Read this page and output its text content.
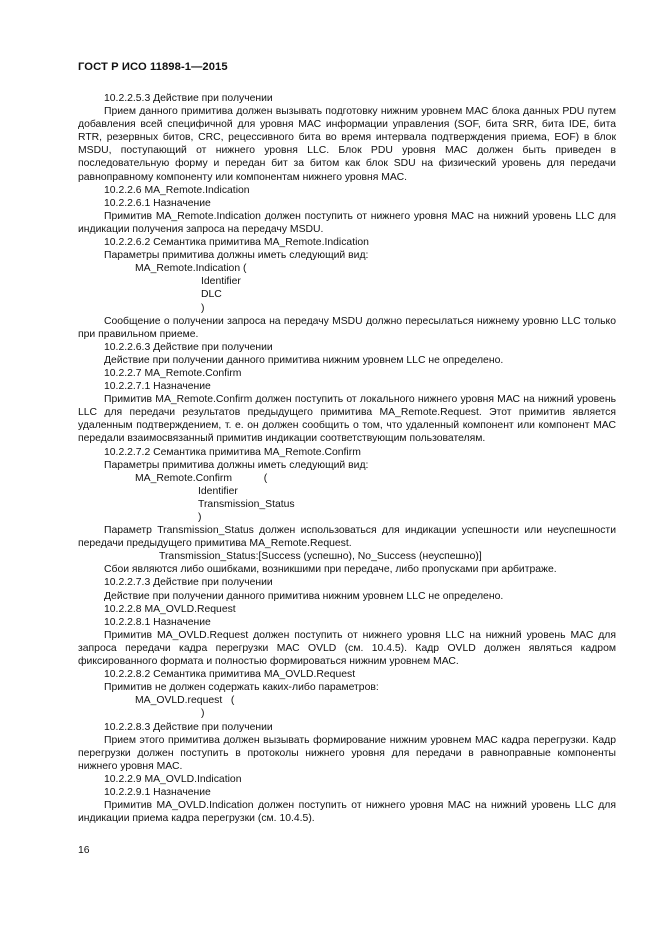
ГОСТ Р ИСО 11898-1—2015
10.2.2.5.3 Действие при получении
Прием данного примитива должен вызывать подготовку нижним уровнем МАС блока данных PDU путем добавления всей специфичной для уровня МАС информации управления (SOF, бита SRR, бита IDE, бита RTR, резервных битов, CRC, рецессивного бита во время интервала подтверждения приема, EOF) в блок MSDU, поступающий от нижнего уровня LLC. Блок PDU уровня МАС должен быть приведен в последовательную форму и передан бит за битом как блок SDU на физический уровень для передачи равноправному компоненту или компонентам нижнего уровня МАС.
10.2.2.6 MA_Remote.Indication
10.2.2.6.1 Назначение
Примитив MA_Remote.Indication должен поступить от нижнего уровня МАС на нижний уровень LLC для индикации получения запроса на передачу MSDU.
10.2.2.6.2 Семантика примитива MA_Remote.Indication
Параметры примитива должны иметь следующий вид:
MA_Remote.Indication (
Identifier
DLC
)
Сообщение о получении запроса на передачу MSDU должно пересылаться нижнему уровню LLC только при правильном приеме.
10.2.2.6.3 Действие при получении
Действие при получении данного примитива нижним уровнем LLC не определено.
10.2.2.7 MA_Remote.Confirm
10.2.2.7.1 Назначение
Примитив MA_Remote.Confirm должен поступить от локального нижнего уровня МАС на нижний уровень LLC для передачи результатов предыдущего примитива MA_Remote.Request. Этот примитив является удаленным подтверждением, т. е. он должен сообщить о том, что удаленный компонент или компонент МАС передали взаимосвязанный примитив индикации соответствующим пользователям.
10.2.2.7.2 Семантика примитива MA_Remote.Confirm
Параметры примитива должны иметь следующий вид:
MA_Remote.Confirm           (
Identifier
Transmission_Status
)
Параметр Transmission_Status должен использоваться для индикации успешности или неуспешности передачи предыдущего примитива MA_Remote.Request.
Transmission_Status:[Success (успешно), No_Success (неуспешно)]
Сбои являются либо ошибками, возникшими при передаче, либо пропусками при арбитраже.
10.2.2.7.3 Действие при получении
Действие при получении данного примитива нижним уровнем LLC не определено.
10.2.2.8 MA_OVLD.Request
10.2.2.8.1 Назначение
Примитив MA_OVLD.Request должен поступить от нижнего уровня LLC на нижний уровень МАС для запроса передачи кадра перегрузки МАС OVLD (см. 10.4.5). Кадр OVLD должен являться кадром фиксированного формата и полностью формироваться нижним уровнем МАС.
10.2.2.8.2 Семантика примитива MA_OVLD.Request
Примитив не должен содержать каких-либо параметров:
MA_OVLD.request   (
)
10.2.2.8.3 Действие при получении
Прием этого примитива должен вызывать формирование нижним уровнем МАС кадра перегрузки. Кадр перегрузки должен поступить в протоколы нижнего уровня для передачи в равноправные компоненты нижнего уровня МАС.
10.2.2.9 MA_OVLD.Indication
10.2.2.9.1 Назначение
Примитив MA_OVLD.Indication должен поступить от нижнего уровня МАС на нижний уровень LLC для индикации приема кадра перегрузки (см. 10.4.5).
16
